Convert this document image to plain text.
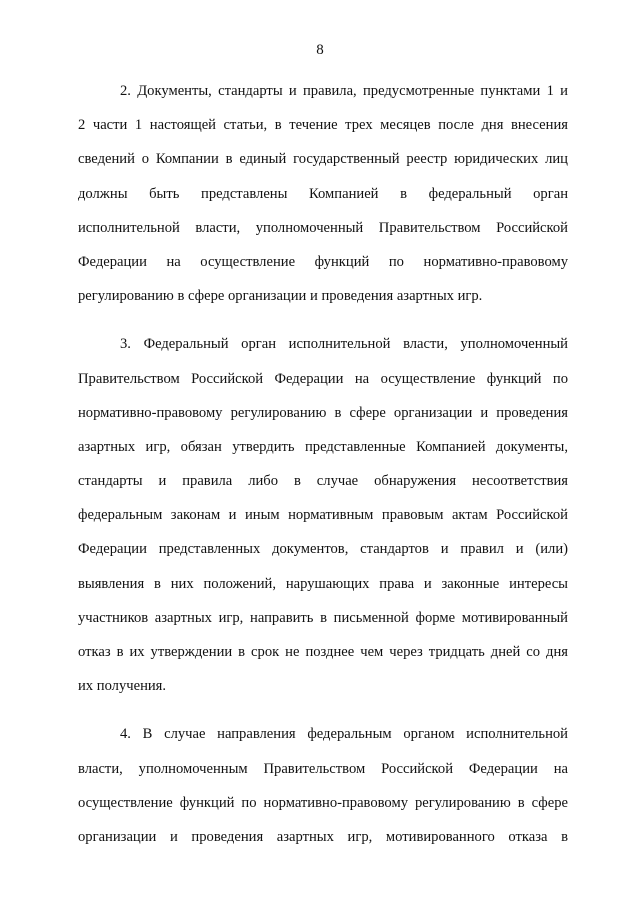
8

2. Документы, стандарты и правила, предусмотренные пунктами 1 и
2 части 1 настоящей статьи, в течение трех месяцев после дня внесения
сведений о Компании в единый государственный реестр юридических лиц
должны быть представлены Компанией в федеральный орган
исполнительной власти, уполномоченный Правительством Российской
Федерации на осуществление функций по нормативно-правовому
регулированию в сфере организации и проведения азартных игр.

3. Федеральный орган исполнительной власти, уполномоченный
Правительством Российской Федерации на осуществление функций по
нормативно-правовому регулированию в сфере организации и проведения
азартных игр, обязан утвердить представленные Компанией документы,
стандарты и правила либо в случае обнаружения несоответствия
федеральным законам и иным нормативным правовым актам Российской
Федерации представленных документов, стандартов и правил и (или)
выявления в них положений, нарушающих права и законные интересы
участников азартных игр, направить в письменной форме мотивированный
отказ в их утверждении в срок не позднее чем через тридцать дней со дня
их получения.

4. В случае направления федеральным органом исполнительной
власти, уполномоченным Правительством Российской Федерации на
осуществление функций по нормативно-правовому регулированию в сфере
организации и проведения азартных игр, мотивированного отказа в
